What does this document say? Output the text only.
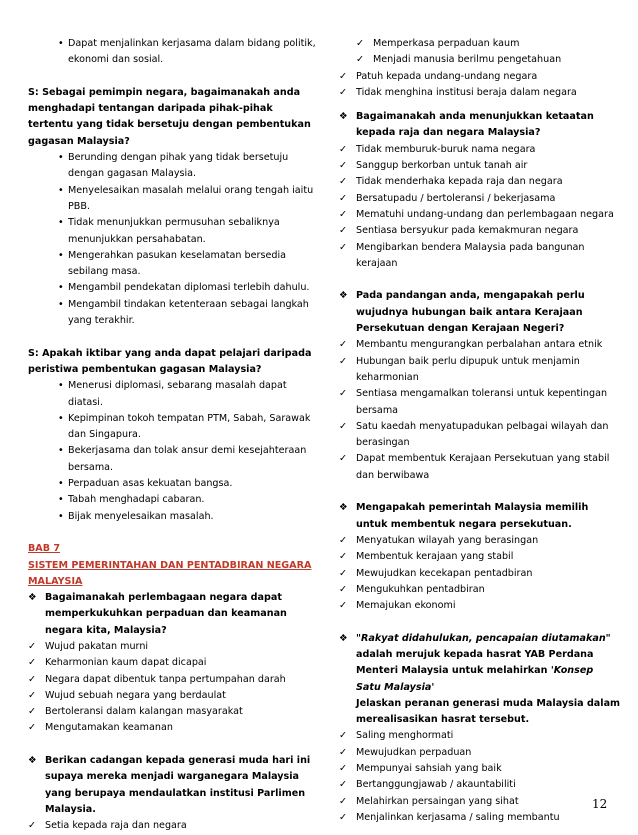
• Dapat menjalinkan kerjasama dalam bidang politik, ekonomi dan sosial.
S: Sebagai pemimpin negara, bagaimanakah anda menghadapi tentangan daripada pihak-pihak tertentu yang tidak bersetuju dengan pembentukan gagasan Malaysia?
• Berunding dengan pihak yang tidak bersetuju dengan gagasan Malaysia.
• Menyelesaikan masalah melalui orang tengah iaitu PBB.
• Tidak menunjukkan permusuhan sebaliknya menunjukkan persahabatan.
• Mengerahkan pasukan keselamatan bersedia sebilang masa.
• Mengambil pendekatan diplomasi terlebih dahulu.
• Mengambil tindakan ketenteraan sebagai langkah yang terakhir.
S: Apakah iktibar yang anda dapat pelajari daripada peristiwa pembentukan gagasan Malaysia?
• Menerusi diplomasi, sebarang masalah dapat diatasi.
• Kepimpinan tokoh tempatan PTM, Sabah, Sarawak dan Singapura.
• Bekerjasama dan tolak ansur demi kesejahteraan bersama.
• Perpaduan asas kekuatan bangsa.
• Tabah menghadapi cabaran.
• Bijak menyelesaikan masalah.
BAB 7
SISTEM PEMERINTAHAN DAN PENTADBIRAN NEGARA MALAYSIA
❖ Bagaimanakah perlembagaan negara dapat memperkukuhkan perpaduan dan keamanan negara kita, Malaysia?
✓ Wujud pakatan murni
✓ Keharmonian kaum dapat dicapai
✓ Negara dapat dibentuk tanpa pertumpahan darah
✓ Wujud sebuah negara yang berdaulat
✓ Bertoleransi dalam kalangan masyarakat
✓ Mengutamakan keamanan
❖ Berikan cadangan kepada generasi muda hari ini supaya mereka menjadi warganegara Malaysia yang berupaya mendaulatkan institusi Parlimen Malaysia.
✓ Setia kepada raja dan negara
✓ Memperkasa perpaduan kaum
✓ Menjadi manusia berilmu pengetahuan
✓ Patuh kepada undang-undang negara
✓ Tidak menghina institusi beraja dalam negara
❖ Bagaimanakah anda menunjukkan ketaatan kepada raja dan negara Malaysia?
✓ Tidak memburuk-buruk nama negara
✓ Sanggup berkorban untuk tanah air
✓ Tidak menderhaka kepada raja dan negara
✓ Bersatupadu / bertoleransi / bekerjasama
✓ Mematuhi undang-undang dan perlembagaan negara
✓ Sentiasa bersyukur pada kemakmuran negara
✓ Mengibarkan bendera Malaysia pada bangunan kerajaan
❖ Pada pandangan anda, mengapakah perlu wujudnya hubungan baik antara Kerajaan Persekutuan dengan Kerajaan Negeri?
✓ Membantu mengurangkan perbalahan antara etnik
✓ Hubungan baik perlu dipupuk untuk menjamin keharmonian
✓ Sentiasa mengamalkan toleransi untuk kepentingan bersama
✓ Satu kaedah menyatupadukan pelbagai wilayah dan berasingan
✓ Dapat membentuk Kerajaan Persekutuan yang stabil dan berwibawa
❖ Mengapakah pemerintah Malaysia memilih untuk membentuk negara persekutuan.
✓ Menyatukan wilayah yang berasingan
✓ Membentuk kerajaan yang stabil
✓ Mewujudkan kecekapan pentadbiran
✓ Mengukuhkan pentadbiran
✓ Memajukan ekonomi
❖ "Rakyat didahulukan, pencapaian diutamakan"
adalah merujuk kepada hasrat YAB Perdana Menteri Malaysia untuk melahirkan 'Konsep Satu Malaysia'
Jelaskan peranan generasi muda Malaysia dalam merealisasikan hasrat tersebut.
✓ Saling menghormati
✓ Mewujudkan perpaduan
✓ Mempunyai sahsiah yang baik
✓ Bertanggungjawab / akauntabiliti
✓ Melahirkan persaingan yang sihat
✓ Menjalinkan kerjasama / saling membantu
12
